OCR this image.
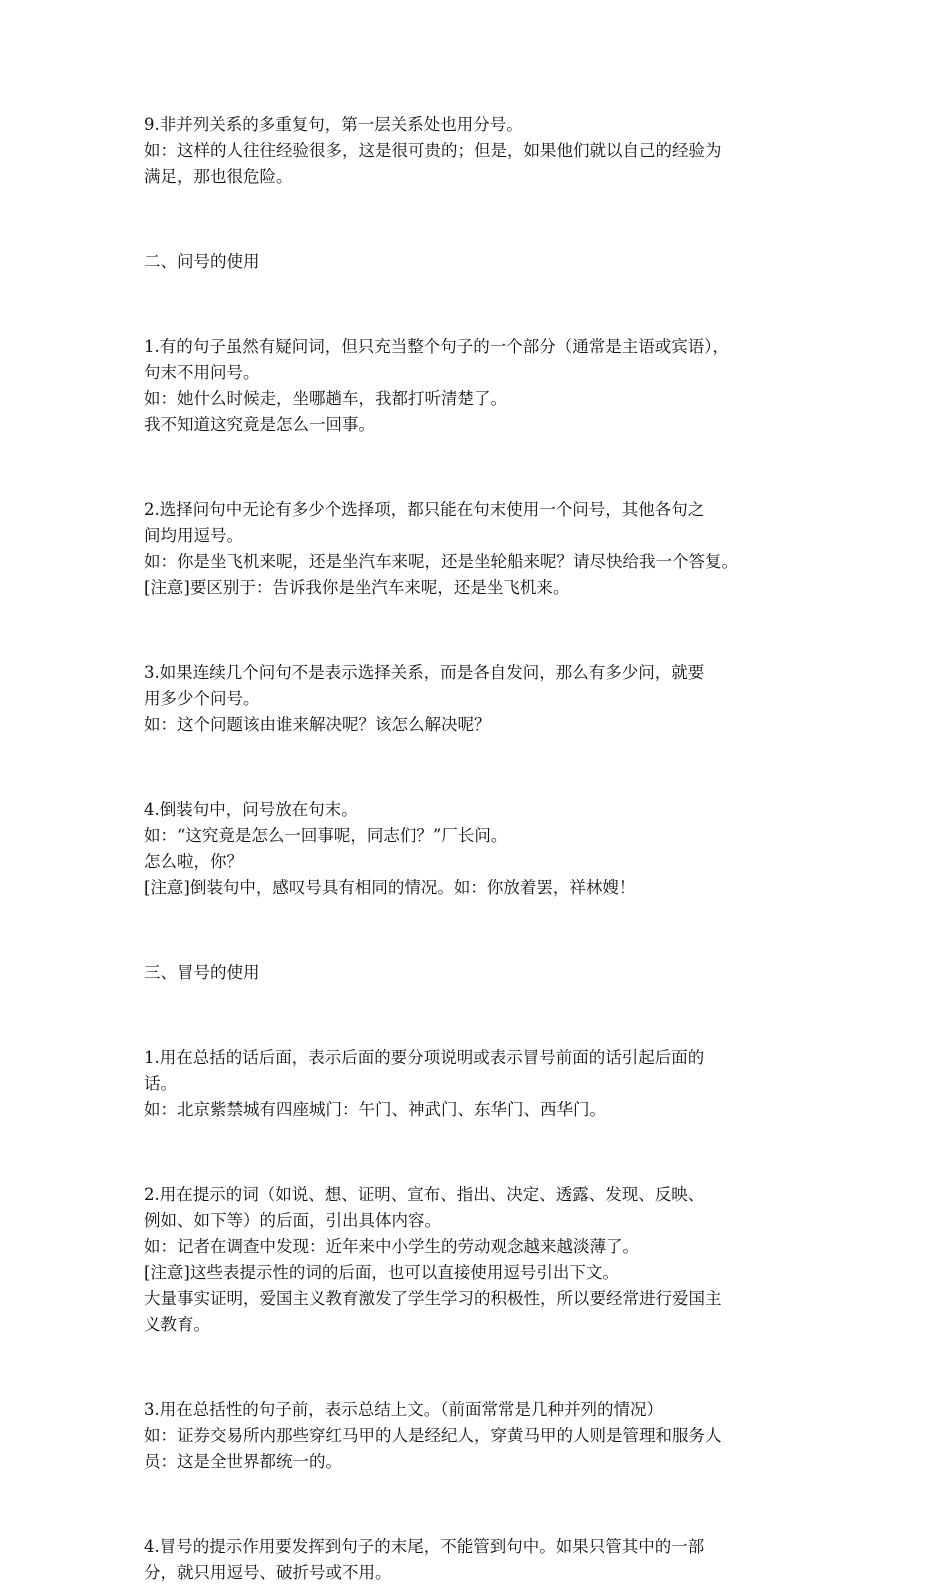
9.非并列关系的多重复句，第一层关系处也用分号。

如：这样的人往往经验很多，这是很可贵的；但是，如果他们就以自己的经验为

满足，那也很危险。

二、问号的使用

1.有的句子虽然有疑问词，但只充当整个句子的一个部分（通常是主语或宾语），

句末不用问号。

如：她什么时候走，坐哪趟车，我都打听清楚了。

我不知道这究竟是怎么一回事。

2.选择问句中无论有多少个选择项，都只能在句末使用一个问号，其他各句之

间均用逗号。

如：你是坐飞机来呢，还是坐汽车来呢，还是坐轮船来呢？请尽快给我一个答复。

[注意]要区别于：告诉我你是坐汽车来呢，还是坐飞机来。

3.如果连续几个问句不是表示选择关系，而是各自发问，那么有多少问，就要

用多少个问号。

如：这个问题该由谁来解决呢？该怎么解决呢？

4.倒装句中，问号放在句末。

如：“这究竟是怎么一回事呢，同志们？”厂长问。

怎么啦，你？

[注意]倒装句中，感叹号具有相同的情况。如：你放着罢，祥林嫂！

三、冒号的使用

1.用在总括的话后面，表示后面的要分项说明或表示冒号前面的话引起后面的

话。

如：北京紫禁城有四座城门：午门、神武门、东华门、西华门。

2.用在提示的词（如说、想、证明、宣布、指出、决定、透露、发现、反映、

例如、如下等）的后面，引出具体内容。

如：记者在调查中发现：近年来中小学生的劳动观念越来越淡薄了。

[注意]这些表提示性的词的后面，也可以直接使用逗号引出下文。

大量事实证明，爱国主义教育激发了学生学习的积极性，所以要经常进行爱国主

义教育。

3.用在总括性的句子前，表示总结上文。（前面常常是几种并列的情况）

如：证券交易所内那些穿红马甲的人是经纪人，穿黄马甲的人则是管理和服务人

员：这是全世界都统一的。

4.冒号的提示作用要发挥到句子的末尾，不能管到句中。如果只管其中的一部

分，就只用逗号、破折号或不用。
